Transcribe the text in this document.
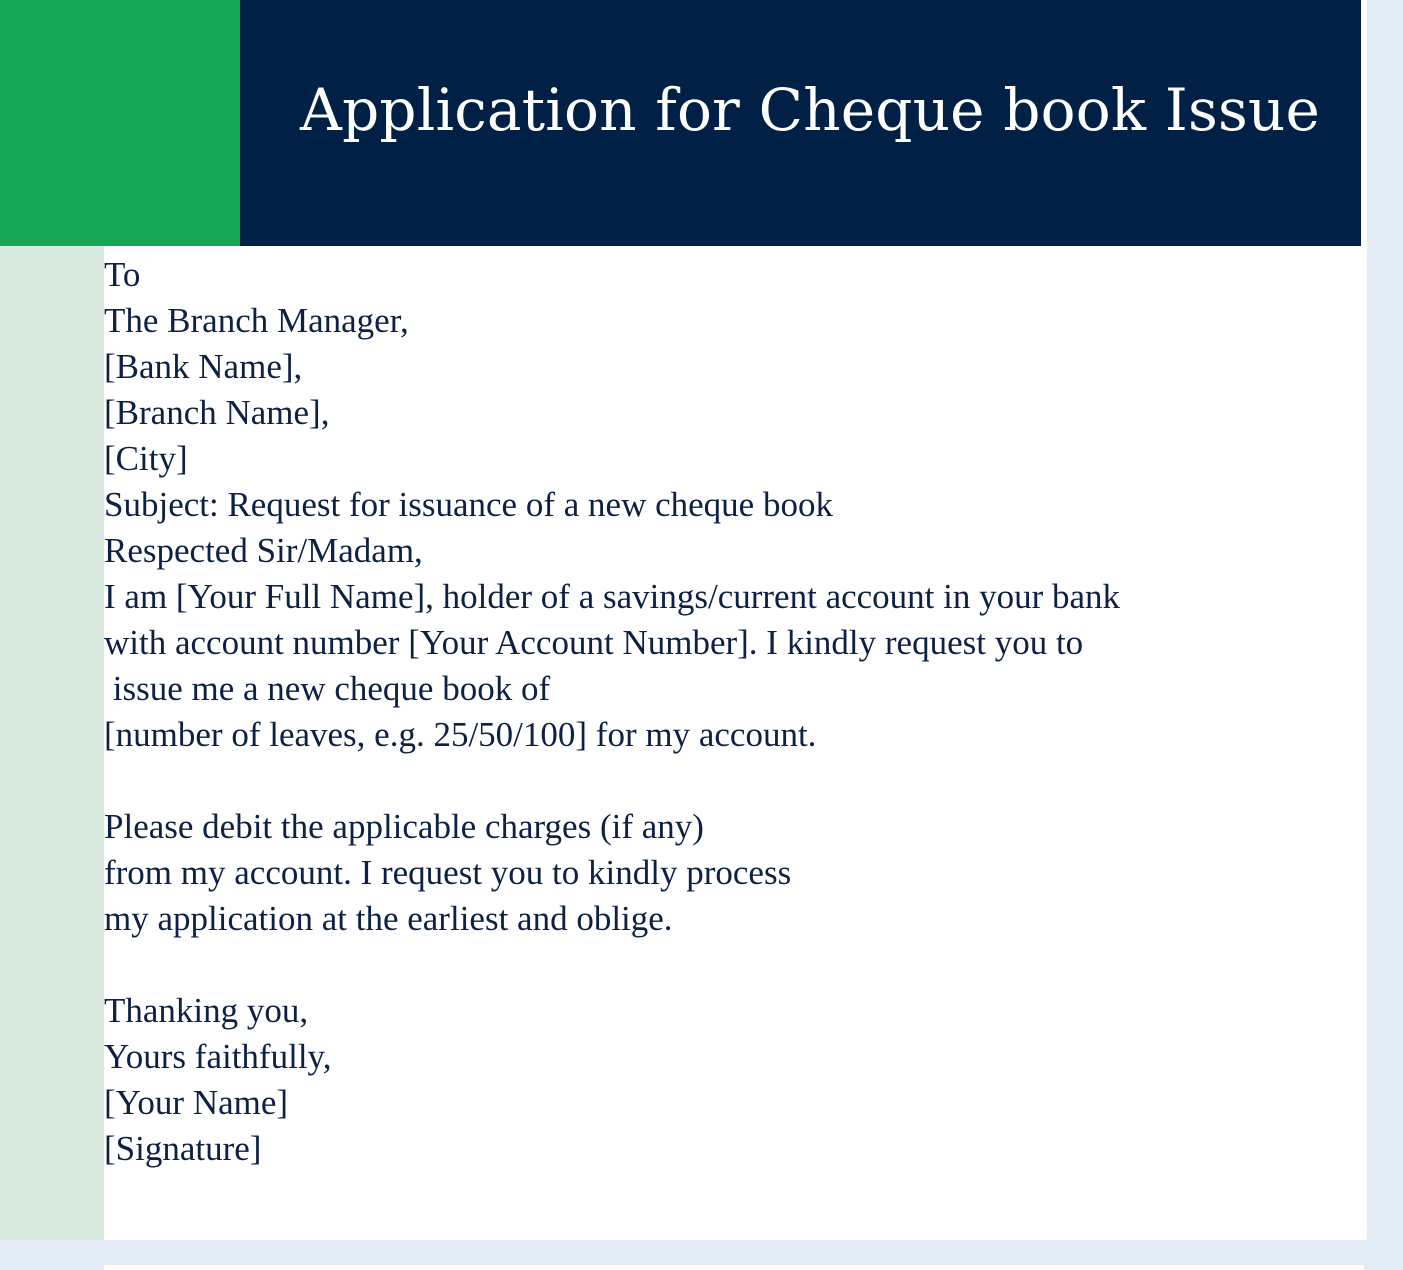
Application for Cheque book Issue
To
The Branch Manager,
[Bank Name],
[Branch Name],
[City]
Subject: Request for issuance of a new cheque book
Respected Sir/Madam,
I am [Your Full Name], holder of a savings/current account in your bank
with account number [Your Account Number]. I kindly request you to
issue me a new cheque book of
[number of leaves, e.g. 25/50/100] for my account.
Please debit the applicable charges (if any)
from my account. I request you to kindly process
my application at the earliest and oblige.
Thanking you,
Yours faithfully,
[Your Name]
[Signature]
